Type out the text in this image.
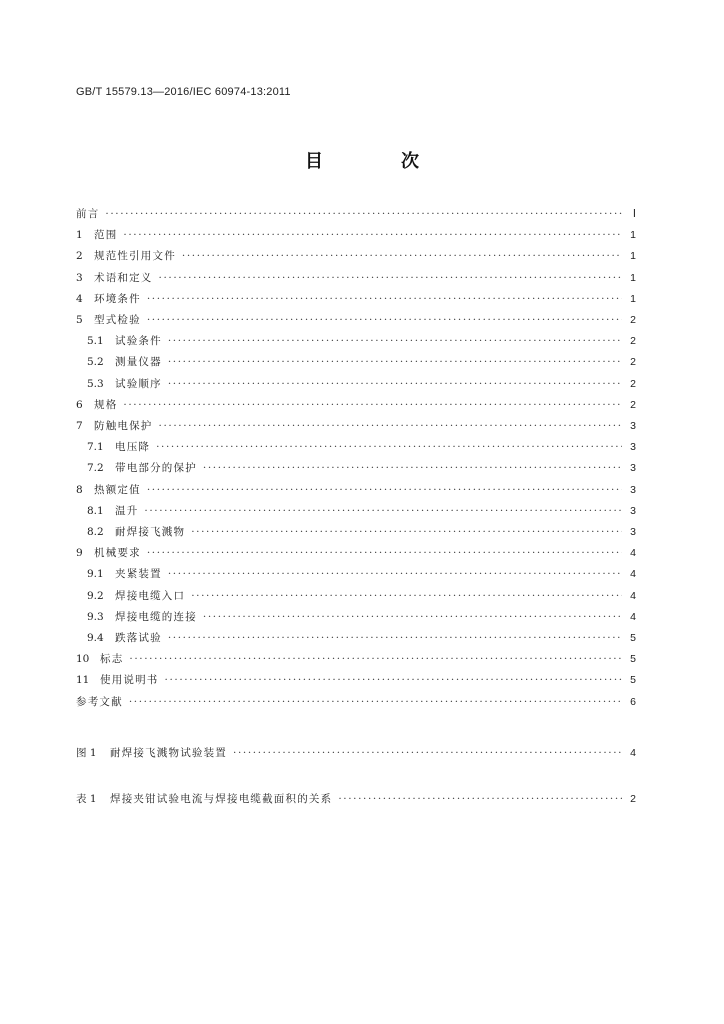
GB/T 15579.13—2016/IEC 60974-13:2011
目　次
前言 ·····	Ⅰ
1 范围 ·····	1
2 规范性引用文件 ·····	1
3 术语和定义 ·····	1
4 环境条件 ·····	1
5 型式检验 ·····	2
5.1	试验条件 ·····	2
5.2	测量仪器 ·····	2
5.3	试验顺序 ·····	2
6 规格 ·····	2
7 防触电保护 ·····	3
7.1	电压降 ·····	3
7.2	带电部分的保护 ·····	3
8 热额定值 ·····	3
8.1	温升 ·····	3
8.2	耐焊接飞溅物 ·····	3
9 机械要求 ·····	4
9.1	夹紧装置 ·····	4
9.2	焊接电缆入口 ·····	4
9.3	焊接电缆的连接 ·····	4
9.4	跌落试验 ·····	5
10 标志 ·····	5
11 使用说明书 ·····	5
参考文献 ·····	6
图 1	耐焊接飞溅物试验装置 ·····	4
表 1	焊接夹钳试验电流与焊接电缆截面积的关系 ·····	2
